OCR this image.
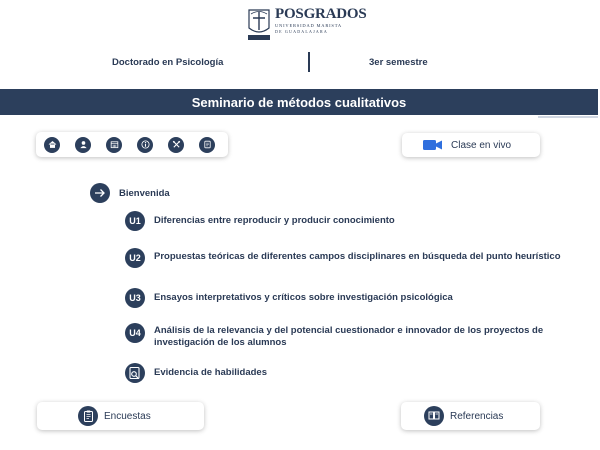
POSGRADOS
UNIVERSIDAD MARISTA
DE GUADALAJARA
Doctorado en Psicología	3er semestre
Seminario de métodos cualitativos
Clase en vivo
Bienvenida
U1	Diferencias entre reproducir y producir conocimiento
U2	Propuestas teóricas de diferentes campos disciplinares en búsqueda del punto heurístico
U3	Ensayos interpretativos y críticos sobre investigación psicológica
U4	Análisis de la relevancia y del potencial cuestionador e innovador de los proyectos de investigación de los alumnos
Evidencia de habilidades
Encuestas	Referencias
